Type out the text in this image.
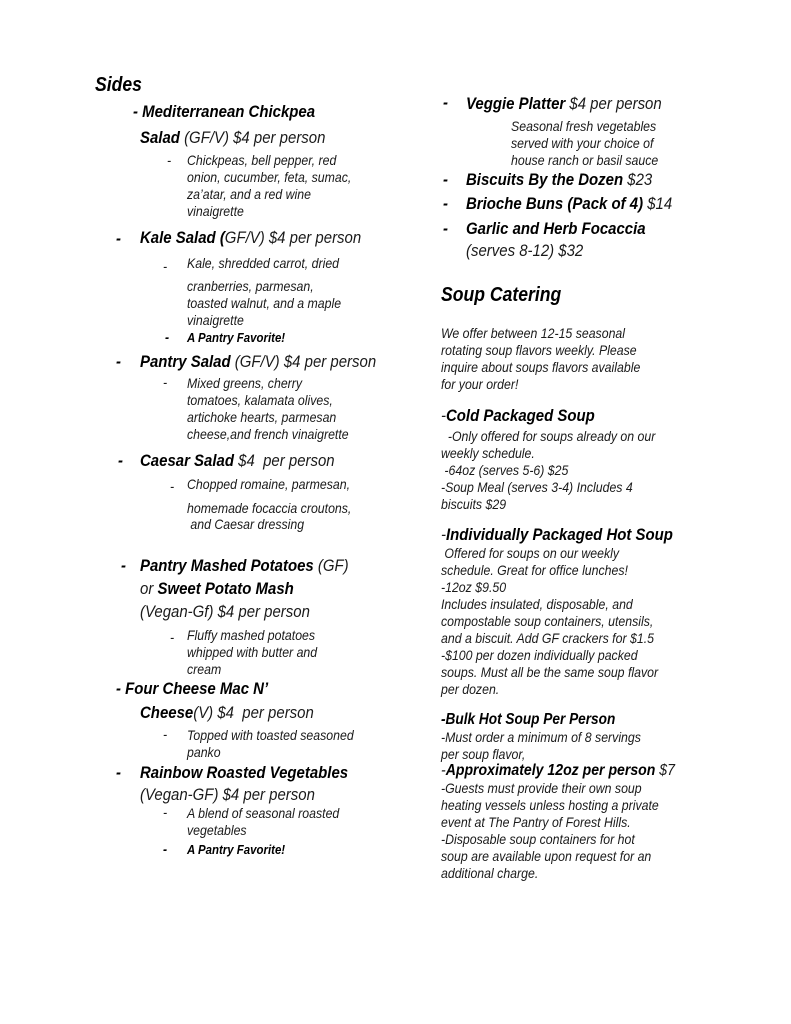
Sides
Soup Catering
- Mediterranean Chickpea
Salad (GF/V) $4 per person
- Chickpeas, bell pepper, red
onion, cucumber, feta, sumac,
za’atar, and a red wine
vinaigrette
- Kale Salad (GF/V) $4 per person
- Kale, shredded carrot, dried
cranberries, parmesan,
toasted walnut, and a maple
vinaigrette
- A Pantry Favorite!
- Pantry Salad (GF/V) $4 per person
- Mixed greens, cherry
tomatoes, kalamata olives,
artichoke hearts, parmesan
cheese,and french vinaigrette
- Caesar Salad $4  per person
- Chopped romaine, parmesan,
homemade focaccia croutons,
and Caesar dressing
- Pantry Mashed Potatoes (GF)
or Sweet Potato Mash
(Vegan-Gf) $4 per person
- Fluffy mashed potatoes
whipped with butter and
cream
- Four Cheese Mac N’
Cheese(V) $4  per person
- Topped with toasted seasoned
panko
- Rainbow Roasted Vegetables
(Vegan-GF) $4 per person
- A blend of seasonal roasted
vegetables
- A Pantry Favorite!
- Veggie Platter $4 per person
Seasonal fresh vegetables
served with your choice of
house ranch or basil sauce
- Biscuits By the Dozen $23
- Brioche Buns (Pack of 4) $14
- Garlic and Herb Focaccia
(serves 8-12) $32
We offer between 12-15 seasonal
rotating soup flavors weekly. Please
inquire about soups flavors available
for your order!
-Cold Packaged Soup
-Only offered for soups already on our
weekly schedule.
-64oz (serves 5-6) $25
-Soup Meal (serves 3-4) Includes 4
biscuits $29
-Individually Packaged Hot Soup
Offered for soups on our weekly
schedule. Great for office lunches!
-12oz $9.50
Includes insulated, disposable, and
compostable soup containers, utensils,
and a biscuit. Add GF crackers for $1.5
-$100 per dozen individually packed
soups. Must all be the same soup flavor
per dozen.
-Bulk Hot Soup Per Person
-Must order a minimum of 8 servings
per soup flavor,
-Approximately 12oz per person $7
-Guests must provide their own soup
heating vessels unless hosting a private
event at The Pantry of Forest Hills.
-Disposable soup containers for hot
soup are available upon request for an
additional charge.
